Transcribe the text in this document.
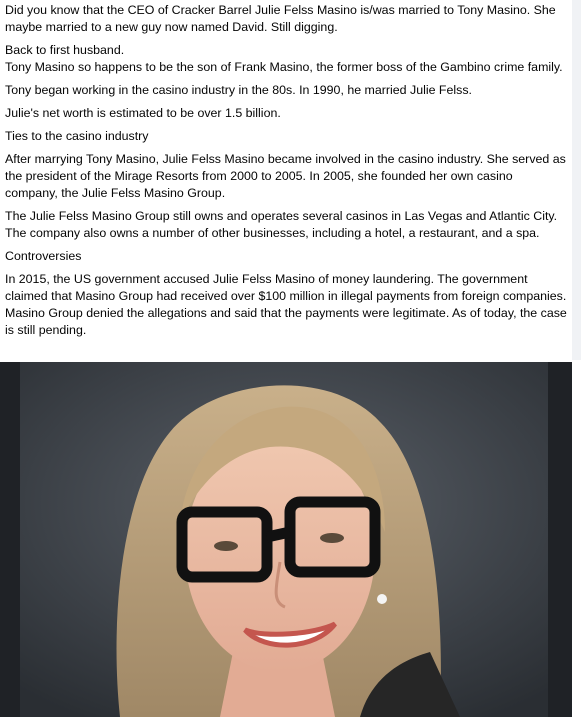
Did you know that the CEO of Cracker Barrel Julie Felss Masino is/was married to Tony Masino. She maybe married to a new guy now named David. Still digging.

Back to first husband.

Tony Masino so happens to be the son of Frank Masino, the former boss of the Gambino crime family.

Tony began working in the casino industry in the 80s. In 1990, he married Julie Felss.

Julie's net worth is estimated to be over 1.5 billion.

Ties to the casino industry

After marrying Tony Masino, Julie Felss Masino became involved in the casino industry. She served as the president of the Mirage Resorts from 2000 to 2005. In 2005, she founded her own casino company, the Julie Felss Masino Group.

The Julie Felss Masino Group still owns and operates several casinos in Las Vegas and Atlantic City. The company also owns a number of other businesses, including a hotel, a restaurant, and a spa.

Controversies

In 2015, the US government accused Julie Felss Masino of money laundering. The government claimed that Masino Group had received over $100 million in illegal payments from foreign companies. Masino Group denied the allegations and said that the payments were legitimate. As of today, the case is still pending.
